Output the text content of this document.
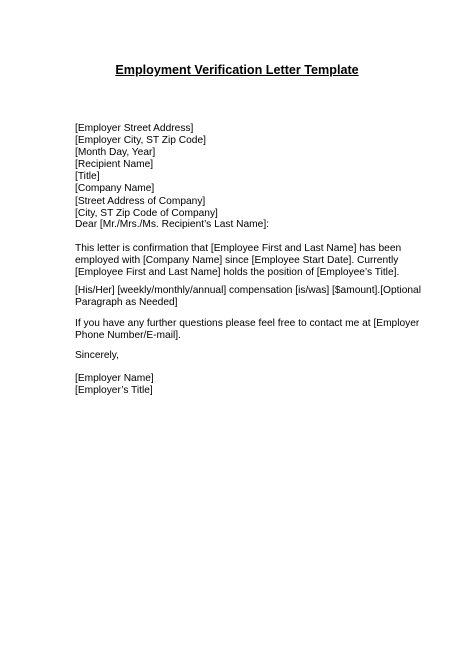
Employment Verification Letter Template
[Employer Street Address]
[Employer City, ST Zip Code]
[Month Day, Year]
[Recipient Name]
[Title]
[Company Name]
[Street Address of Company]
[City, ST Zip Code of Company]
Dear [Mr./Mrs./Ms. Recipient’s Last Name]:
This letter is confirmation that [Employee First and Last Name] has been
employed with [Company Name] since [Employee Start Date]. Currently
[Employee First and Last Name] holds the position of [Employee’s Title].
[His/Her] [weekly/monthly/annual] compensation [is/was] [$amount].[Optional
Paragraph as Needed]
If you have any further questions please feel free to contact me at [Employer
Phone Number/E-mail].
Sincerely,
[Employer Name]
[Employer’s Title]
